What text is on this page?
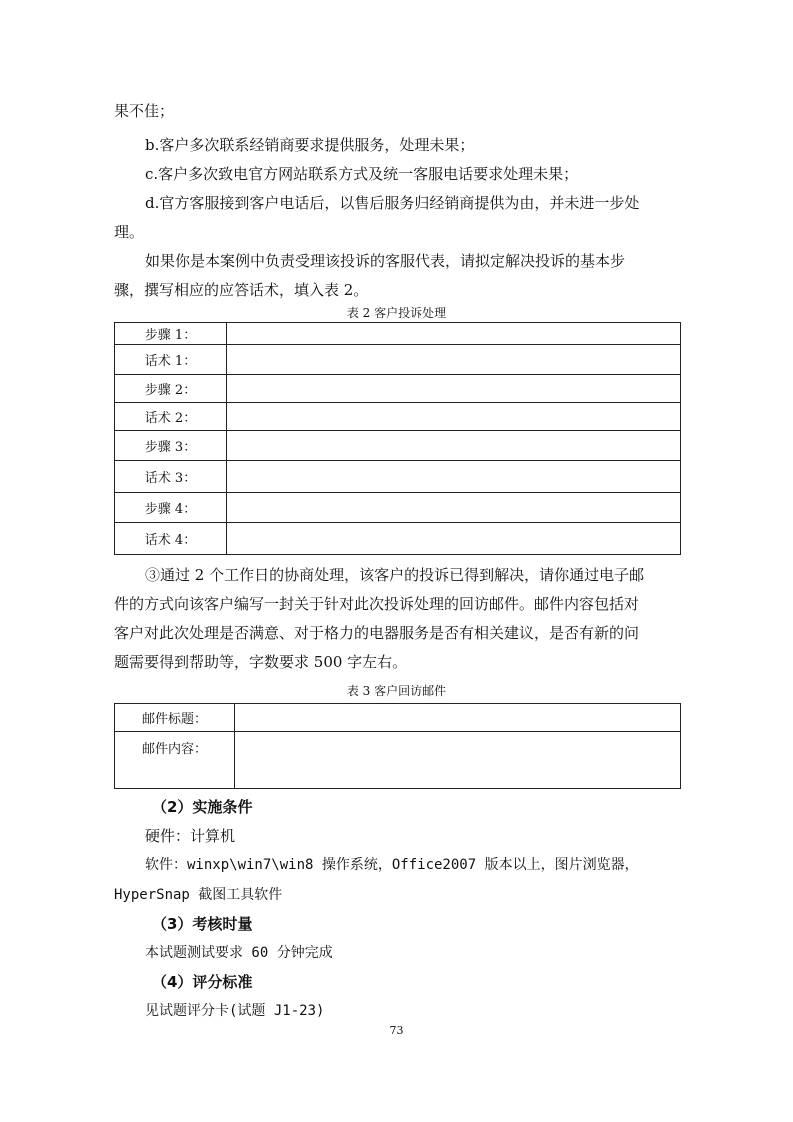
果不佳；
b.客户多次联系经销商要求提供服务，处理未果；
c.客户多次致电官方网站联系方式及统一客服电话要求处理未果；
d.官方客服接到客户电话后，以售后服务归经销商提供为由，并未进一步处
理。
如果你是本案例中负责受理该投诉的客服代表，请拟定解决投诉的基本步
骤，撰写相应的应答话术，填入表 2。
表 2 客户投诉处理
步骤 1：	
话术 1：	
步骤 2：	
话术 2：	
步骤 3：	
话术 3：	
步骤 4：	
话术 4：	
③通过 2 个工作日的协商处理，该客户的投诉已得到解决，请你通过电子邮
件的方式向该客户编写一封关于针对此次投诉处理的回访邮件。邮件内容包括对
客户对此次处理是否满意、对于格力的电器服务是否有相关建议，是否有新的问
题需要得到帮助等，字数要求 500 字左右。
表 3 客户回访邮件
邮件标题：	
邮件内容：	
（2）实施条件
硬件：计算机
软件：winxp\win7\win8 操作系统，Office2007 版本以上，图片浏览器，
HyperSnap 截图工具软件
（3）考核时量
本试题测试要求 60 分钟完成
（4）评分标准
见试题评分卡(试题 J1-23)
73
